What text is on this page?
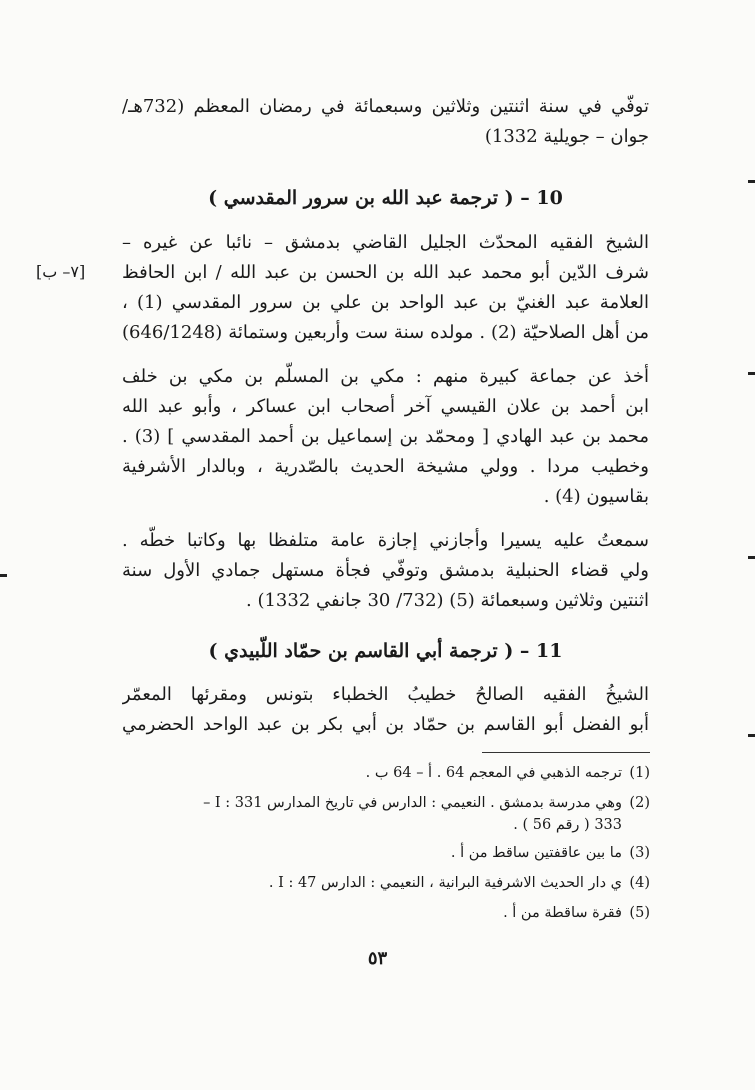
توفّي في سنة اثنتين وثلاثين وسبعمائة في رمضان المعظم (732هـ/
جوان – جويلية 1332)
10 – ( ترجمة عبد الله بن سرور المقدسي )
[٧– ب]
الشيخ الفقيه المحدّث الجليل القاضي بدمشق – نائبا عن غيره –
شرف الدّين أبو محمد عبد الله بن الحسن بن عبد الله / ابن الحافظ
العلامة عبد الغنيّ بن عبد الواحد بن علي بن سرور المقدسي (1) ،
من أهل الصلاحيّة (2) . مولده سنة ست وأربعين وستمائة (646/1248)
أخذ عن جماعة كبيرة منهم : مكي بن المسلّم بن مكي بن خلف
ابن أحمد بن علان القيسي آخر أصحاب ابن عساكر ، وأبو عبد الله
محمد بن عبد الهادي [ ومحمّد بن إسماعيل بن أحمد المقدسي ] (3) .
وخطيب مردا . وولي مشيخة الحديث بالصّدرية ، وبالدار الأشرفية
بقاسيون (4) .
سمعتُ عليه يسيرا وأجازني إجازة عامة متلفظا بها وكاتبا خطّه .
ولي قضاء الحنبلية بدمشق وتوفّي فجأة مستهل جمادي الأول سنة
اثنتين وثلاثين وسبعمائة (5) (732/ 30 جانفي 1332) .
11 – ( ترجمة أبي القاسم بن حمّاد اللّبيدي )
الشيخُ الفقيه الصالحُ خطيبُ الخطباء بتونس ومقرئها المعمّر
أبو الفضل أبو القاسم بن حمّاد بن أبي بكر بن عبد الواحد الحضرمي
(1)ترجمه الذهبي في المعجم 64 . أ – 64 ب .
(2)وهي مدرسة بدمشق . النعيمي : الدارس في تاريخ المدارس I : 331 –
333 ( رقم 56 ) .
(3)ما بين عاقفتين ساقط من أ .
(4)ي دار الحديث الاشرفية البرانية ، النعيمي : الدارس I : 47 .
(5)فقرة ساقطة من أ .
٥٣
